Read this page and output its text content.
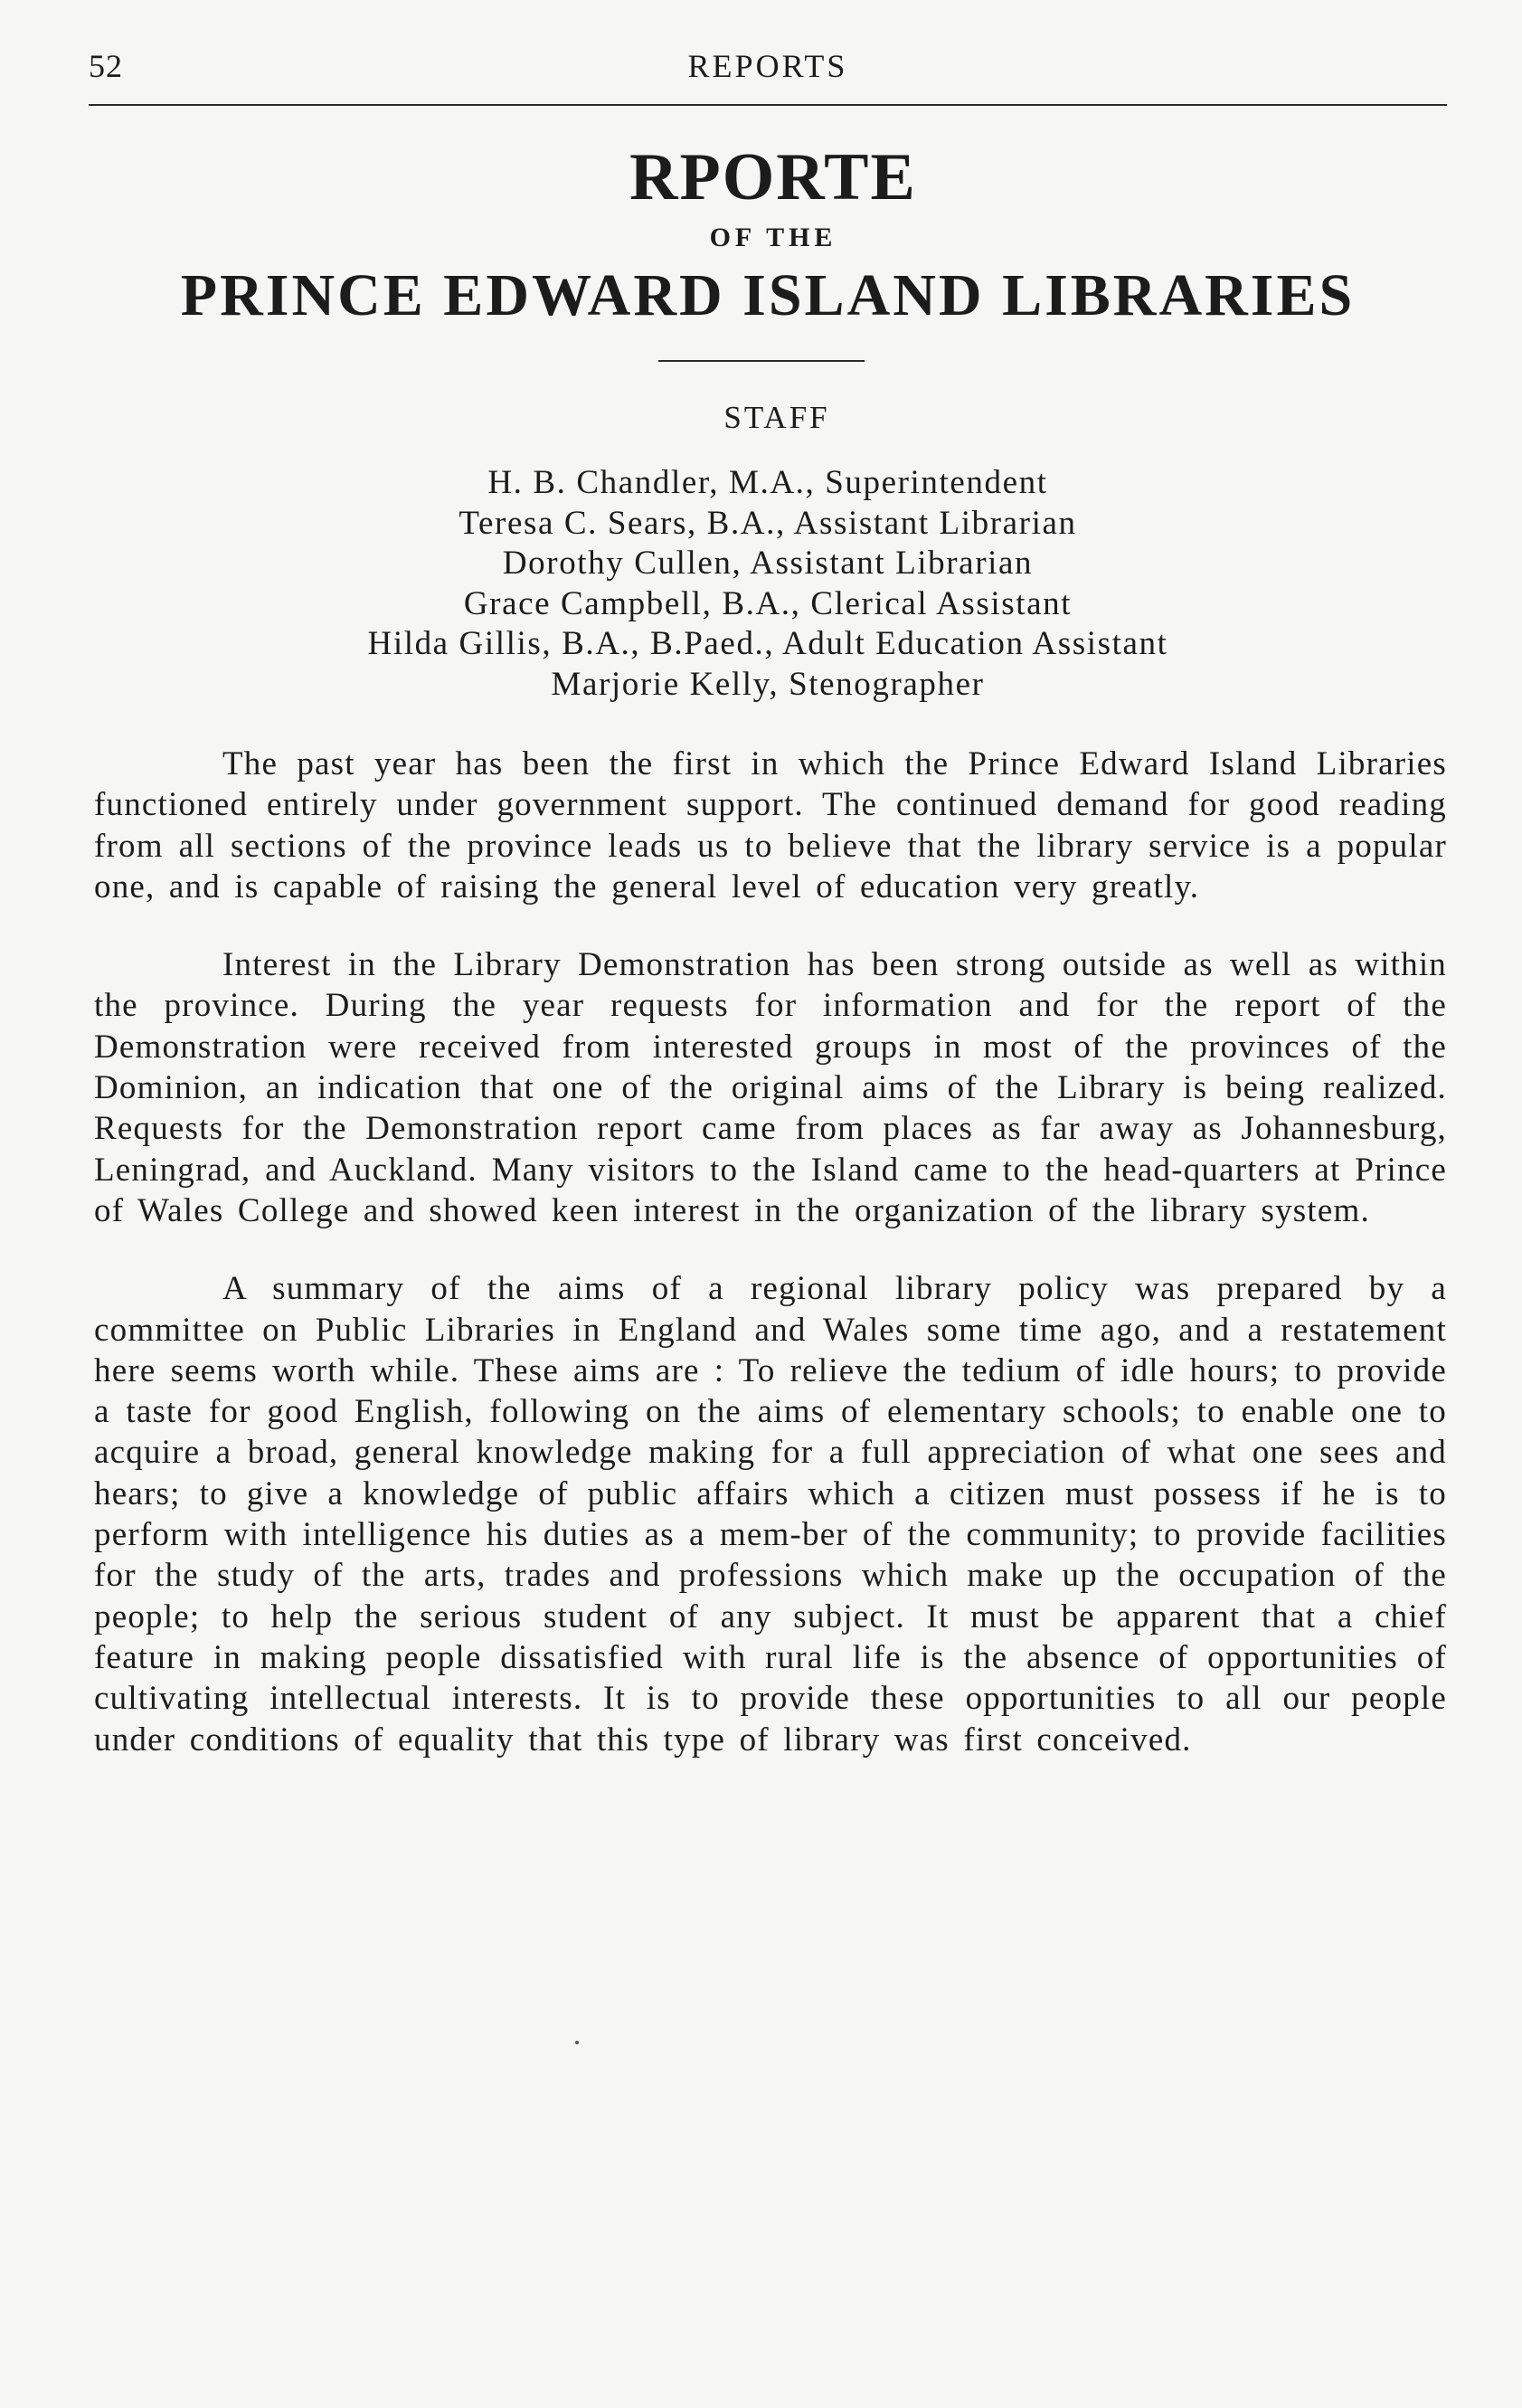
52	REPORTS
RPORTE
OF THE
PRINCE EDWARD ISLAND LIBRARIES
STAFF
H. B. Chandler, M.A., Superintendent
Teresa C. Sears, B.A., Assistant Librarian
Dorothy Cullen, Assistant Librarian
Grace Campbell, B.A., Clerical Assistant
Hilda Gillis, B.A., B.Paed., Adult Education Assistant
Marjorie Kelly, Stenographer

The past year has been the first in which the Prince Edward Island Libraries functioned entirely under government support. The continued demand for good reading from all sections of the province leads us to believe that the library service is a popular one, and is capable of raising the general level of education very greatly.

Interest in the Library Demonstration has been strong outside as well as within the province. During the year requests for information and for the report of the Demonstration were received from interested groups in most of the provinces of the Dominion, an indication that one of the original aims of the Library is being realized. Requests for the Demonstration report came from places as far away as Johannesburg, Leningrad, and Auckland. Many visitors to the Island came to the head-quarters at Prince of Wales College and showed keen interest in the organization of the library system.

A summary of the aims of a regional library policy was prepared by a committee on Public Libraries in England and Wales some time ago, and a restatement here seems worth while. These aims are : To relieve the tedium of idle hours; to provide a taste for good English, following on the aims of elementary schools; to enable one to acquire a broad, general knowledge making for a full appreciation of what one sees and hears; to give a knowledge of public affairs which a citizen must possess if he is to perform with intelligence his duties as a mem-ber of the community; to provide facilities for the study of the arts, trades and professions which make up the occupation of the people; to help the serious student of any subject. It must be apparent that a chief feature in making people dissatisfied with rural life is the absence of opportunities of cultivating intellectual interests. It is to provide these opportunities to all our people under conditions of equality that this type of library was first conceived.
